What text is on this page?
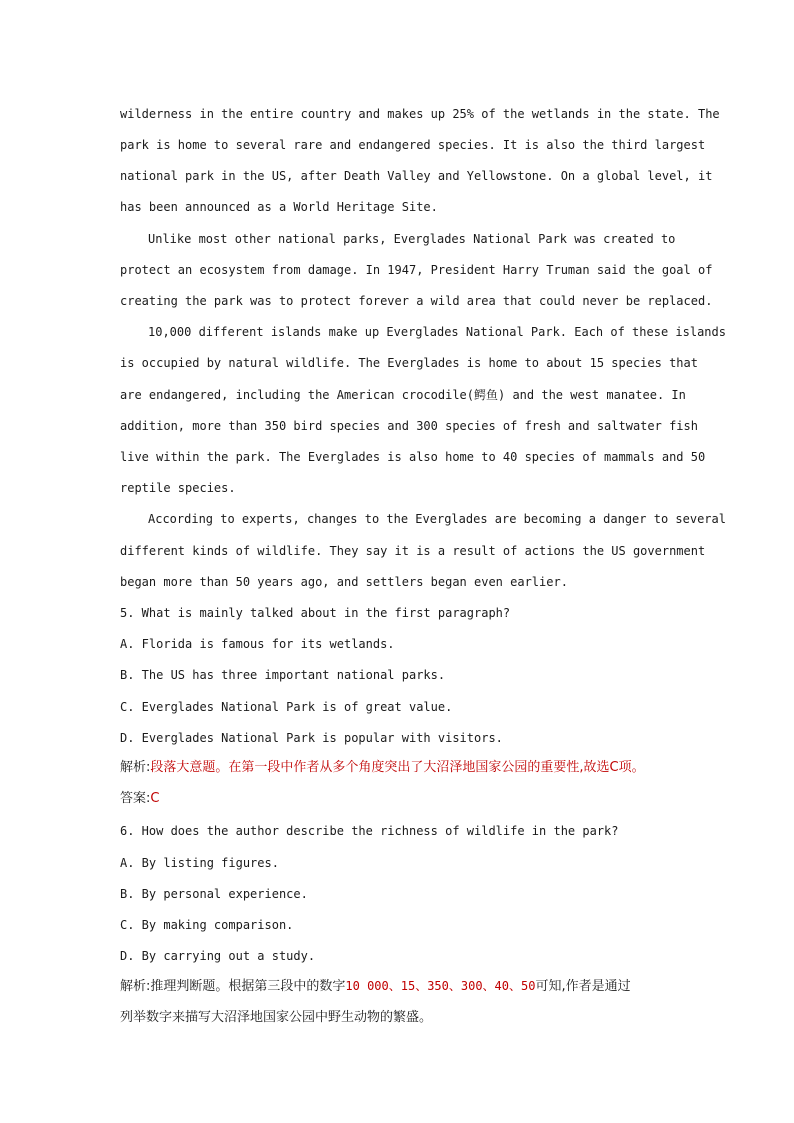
wilderness in the entire country and makes up 25% of the wetlands in the state. The
park is home to several rare and endangered species. It is also the third largest
national park in the US, after Death Valley and Yellowstone. On a global level, it
has been announced as a World Heritage Site.
Unlike most other national parks, Everglades National Park was created to
protect an ecosystem from damage. In 1947, President Harry Truman said the goal of
creating the park was to protect forever a wild area that could never be replaced.
10,000 different islands make up Everglades National Park. Each of these islands
is occupied by natural wildlife. The Everglades is home to about 15 species that
are endangered, including the American crocodile(鳄鱼) and the west manatee. In
addition, more than 350 bird species and 300 species of fresh and saltwater fish
live within the park. The Everglades is also home to 40 species of mammals and 50
reptile species.
According to experts, changes to the Everglades are becoming a danger to several
different kinds of wildlife. They say it is a result of actions the US government
began more than 50 years ago, and settlers began even earlier.
5. What is mainly talked about in the first paragraph?
A. Florida is famous for its wetlands.
B. The US has three important national parks.
C. Everglades National Park is of great value.
D. Everglades National Park is popular with visitors.
解析:段落大意题。在第一段中作者从多个角度突出了大沼泽地国家公园的重要性,故选C项。
答案:C
6. How does the author describe the richness of wildlife in the park?
A. By listing figures.
B. By personal experience.
C. By making comparison.
D. By carrying out a study.
解析:推理判断题。根据第三段中的数字10 000、15、350、300、40、50可知,作者是通过
列举数字来描写大沼泽地国家公园中野生动物的繁盛。
